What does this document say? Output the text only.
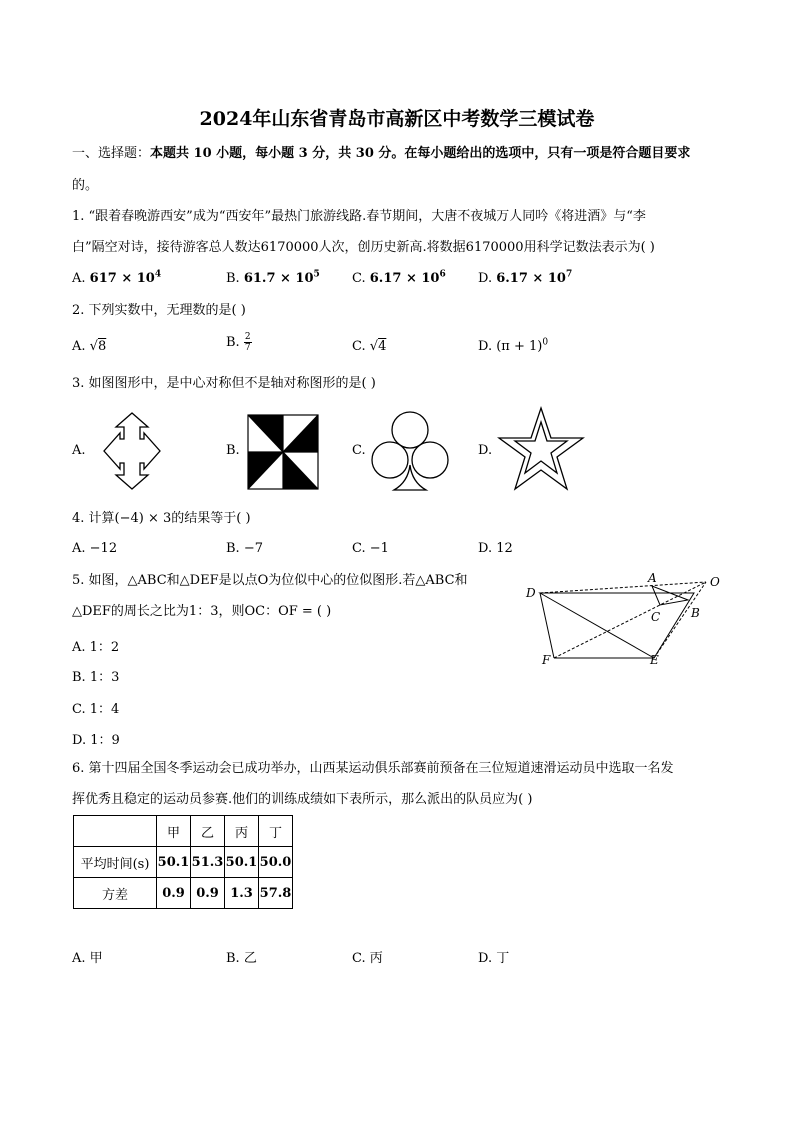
2024年山东省青岛市高新区中考数学三模试卷
一、选择题：本题共 10 小题，每小题 3 分，共 30 分。在每小题给出的选项中，只有一项是符合题目要求
的。
1. “跟着春晚游西安”成为“西安年”最热门旅游线路.春节期间，大唐不夜城万人同吟《将进酒》与“李
白”隔空对诗，接待游客总人数达6170000人次，创历史新高.将数据6170000用科学记数法表示为( )
A. $617 \times 10^4$	B. $61.7 \times 10^5$ C. $6.17 \times 10^6$ D. $6.17 \times 10^7$
2. 下列实数中，无理数的是( )
A. √8	B. $\frac{2}{7}$	C. √4	D. $(\pi + 1)^0$
3. 如图图形中，是中心对称但不是轴对称图形的是( )
A.	B.	C.	D.
4. 计算(−4) × 3的结果等于( )
A. −12	B. −7	C. −1	D. 12
5. 如图，△ABC和△DEF是以点O为位似中心的位似图形.若△ABC和
△DEF的周长之比为1：3，则OC：OF = ( )
A. 1：2
B. 1：3
C. 1：4
D. 1：9
A
B
C
D
E
F
O
6. 第十四届全国冬季运动会已成功举办，山西某运动俱乐部赛前预备在三位短道速滑运动员中选取一名发
挥优秀且稳定的运动员参赛.他们的训练成绩如下表所示，那么派出的队员应为( )
	甲	乙	丙	丁
平均时间(s)	50.1	51.3	50.1	50.0
方差	0.9	0.9	1.3	57.8
A. 甲	B. 乙	C. 丙	D. 丁
